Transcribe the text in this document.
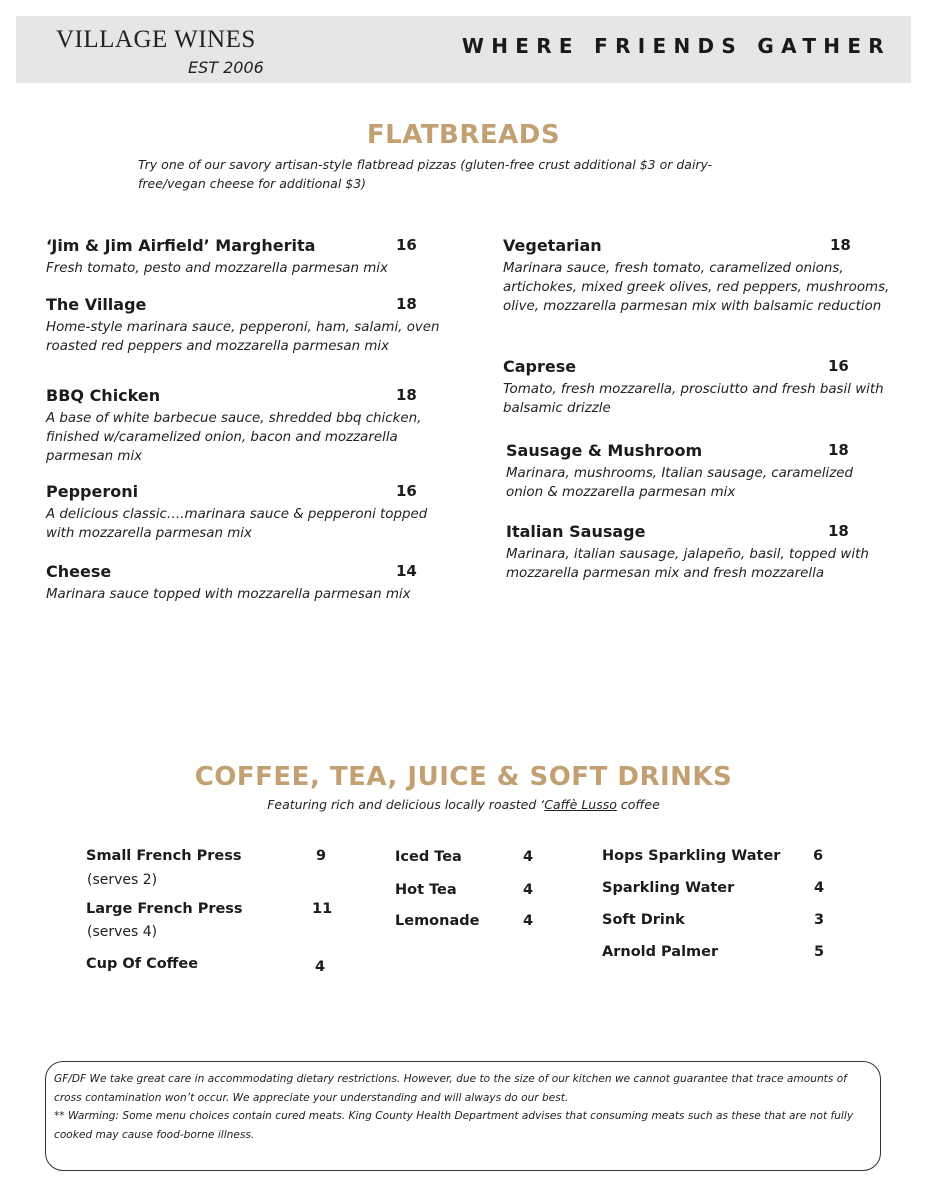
VILLAGE WINES
EST 2006
WHERE FRIENDS GATHER
FLATBREADS
Try one of our savory artisan-style flatbread pizzas (gluten-free crust additional $3 or dairy-free/vegan cheese for additional $3)
‘Jim & Jim Airfield’ Margherita	16
Fresh tomato, pesto and mozzarella parmesan mix
The Village	18
Home-style marinara sauce, pepperoni, ham, salami, oven roasted red peppers and mozzarella parmesan mix
BBQ Chicken	18
A base of white barbecue sauce, shredded bbq chicken, finished w/caramelized onion, bacon and mozzarella parmesan mix
Pepperoni	16
A delicious classic….marinara sauce & pepperoni topped with mozzarella parmesan mix
Cheese	14
Marinara sauce topped with mozzarella parmesan mix
Vegetarian	18
Marinara sauce, fresh tomato, caramelized onions, artichokes, mixed greek olives, red peppers, mushrooms, olive, mozzarella parmesan mix with balsamic reduction
Caprese	16
Tomato, fresh mozzarella, prosciutto and fresh basil with balsamic drizzle
Sausage & Mushroom	18
Marinara, mushrooms, Italian sausage, caramelized onion & mozzarella parmesan mix
Italian Sausage	18
Marinara, italian sausage, jalapeño, basil, topped with mozzarella parmesan mix and fresh mozzarella
COFFEE, TEA, JUICE & SOFT DRINKS
Featuring rich and delicious locally roasted ‘Caffè Lusso coffee
Small French Press	9
(serves 2)
Large French Press	11
(serves 4)
Cup Of Coffee	4
Iced Tea	4
Hot Tea	4
Lemonade	4
Hops Sparkling Water 6
Sparkling Water	4
Soft Drink	3
Arnold Palmer	5

GF/DF We take great care in accommodating dietary restrictions. However, due to the size of our kitchen we cannot guarantee that trace amounts of cross contamination won’t occur. We appreciate your understanding and will always do our best.

** Warming: Some menu choices contain cured meats. King County Health Department advises that consuming meats such as these that are not fully cooked may cause food-borne illness.
